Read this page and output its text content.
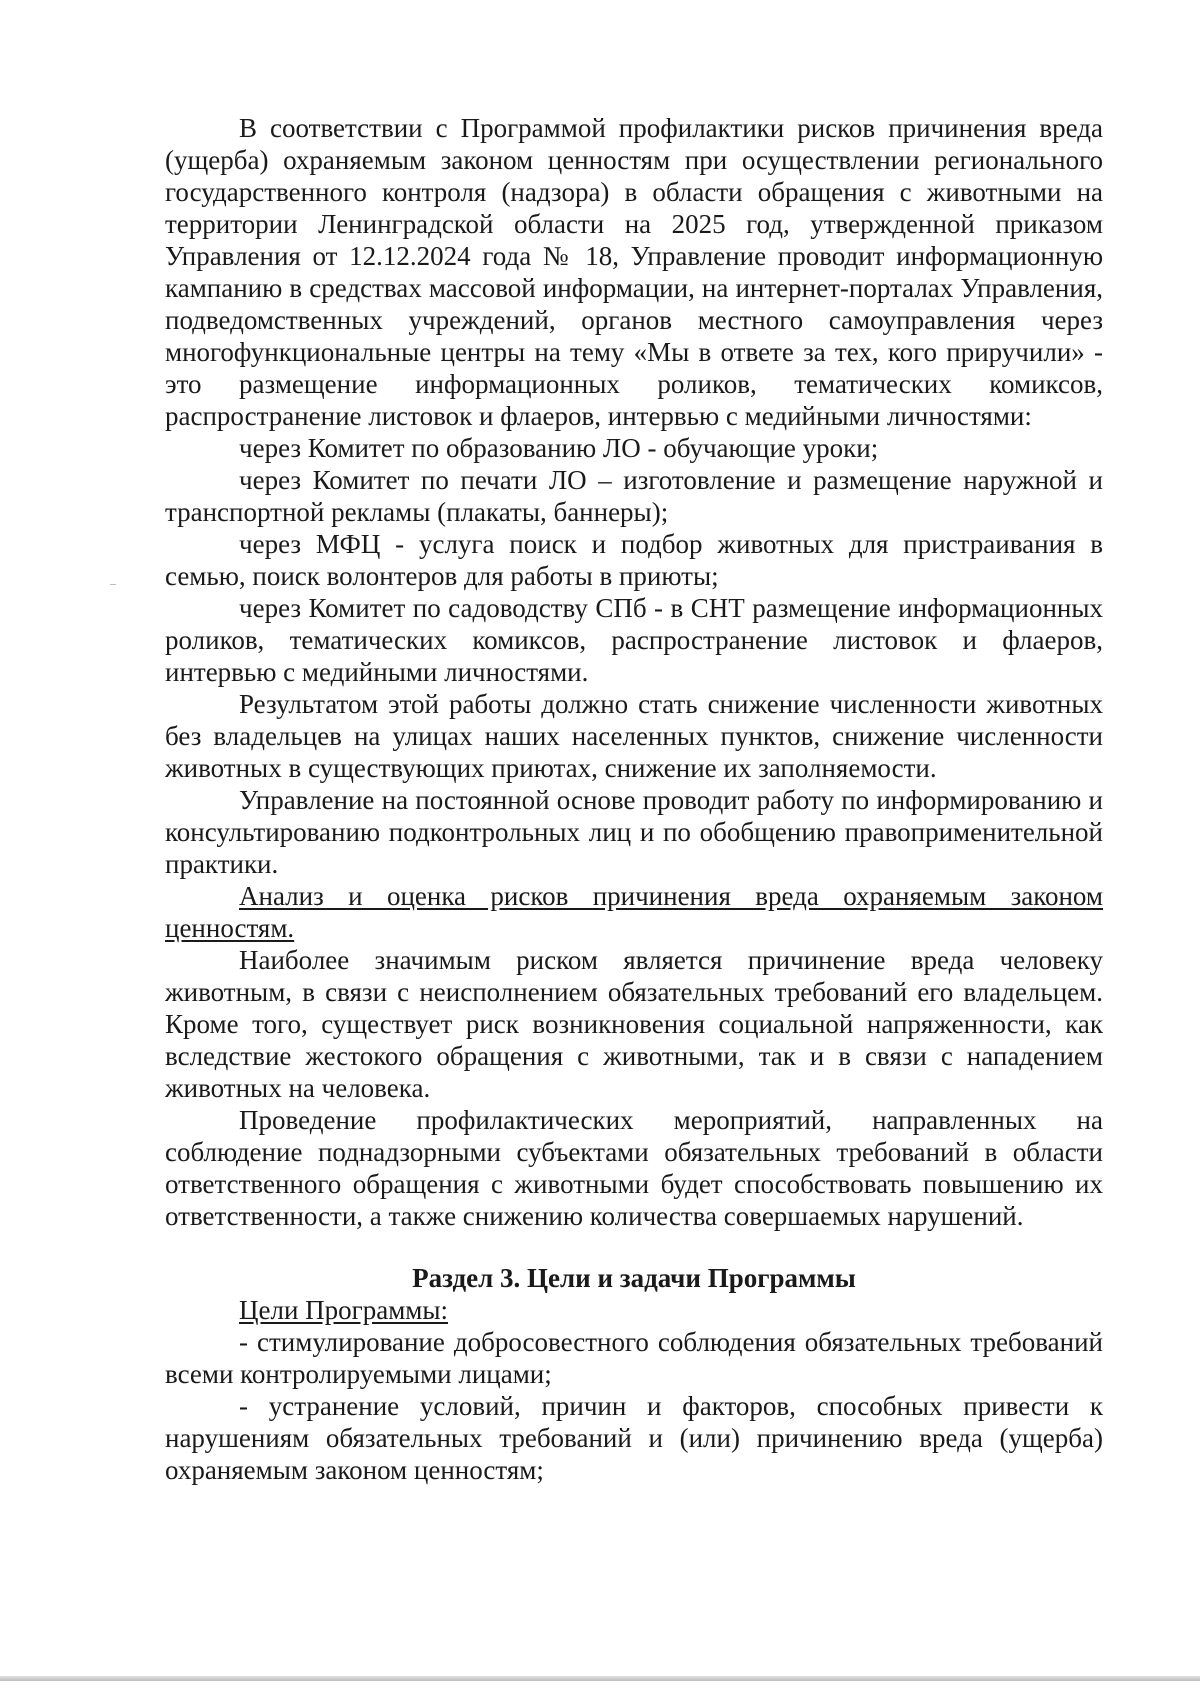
В соответствии с Программой профилактики рисков причинения вреда (ущерба) охраняемым законом ценностям при осуществлении регионального государственного контроля (надзора) в области обращения с животными на территории Ленинградской области на 2025 год, утвержденной приказом Управления от 12.12.2024 года № 18, Управление проводит информационную кампанию в средствах массовой информации, на интернет-порталах Управления, подведомственных учреждений, органов местного самоуправления через многофункциональные центры на тему «Мы в ответе за тех, кого приручили» - это размещение информационных роликов, тематических комиксов, распространение листовок и флаеров, интервью с медийными личностями:

через Комитет по образованию ЛО - обучающие уроки;

через Комитет по печати ЛО – изготовление и размещение наружной и транспортной рекламы (плакаты, баннеры);

через МФЦ - услуга поиск и подбор животных для пристраивания в семью, поиск волонтеров для работы в приюты;

через Комитет по садоводству СПб - в СНТ размещение информационных роликов, тематических комиксов, распространение листовок и флаеров, интервью с медийными личностями.

Результатом этой работы должно стать снижение численности животных без владельцев на улицах наших населенных пунктов, снижение численности животных в существующих приютах, снижение их заполняемости.

Управление на постоянной основе проводит работу по информированию и консультированию подконтрольных лиц и по обобщению правоприменительной практики.

Анализ и оценка рисков причинения вреда охраняемым законом ценностям.

Наиболее значимым риском является причинение вреда человеку животным, в связи с неисполнением обязательных требований его владельцем. Кроме того, существует риск возникновения социальной напряженности, как вследствие жестокого обращения с животными, так и в связи с нападением животных на человека.

Проведение профилактических мероприятий, направленных на соблюдение поднадзорными субъектами обязательных требований в области ответственного обращения с животными будет способствовать повышению их ответственности, а также снижению количества совершаемых нарушений.

Раздел 3. Цели и задачи Программы

Цели Программы:

- стимулирование добросовестного соблюдения обязательных требований всеми контролируемыми лицами;

- устранение условий, причин и факторов, способных привести к нарушениям обязательных требований и (или) причинению вреда (ущерба) охраняемым законом ценностям;
